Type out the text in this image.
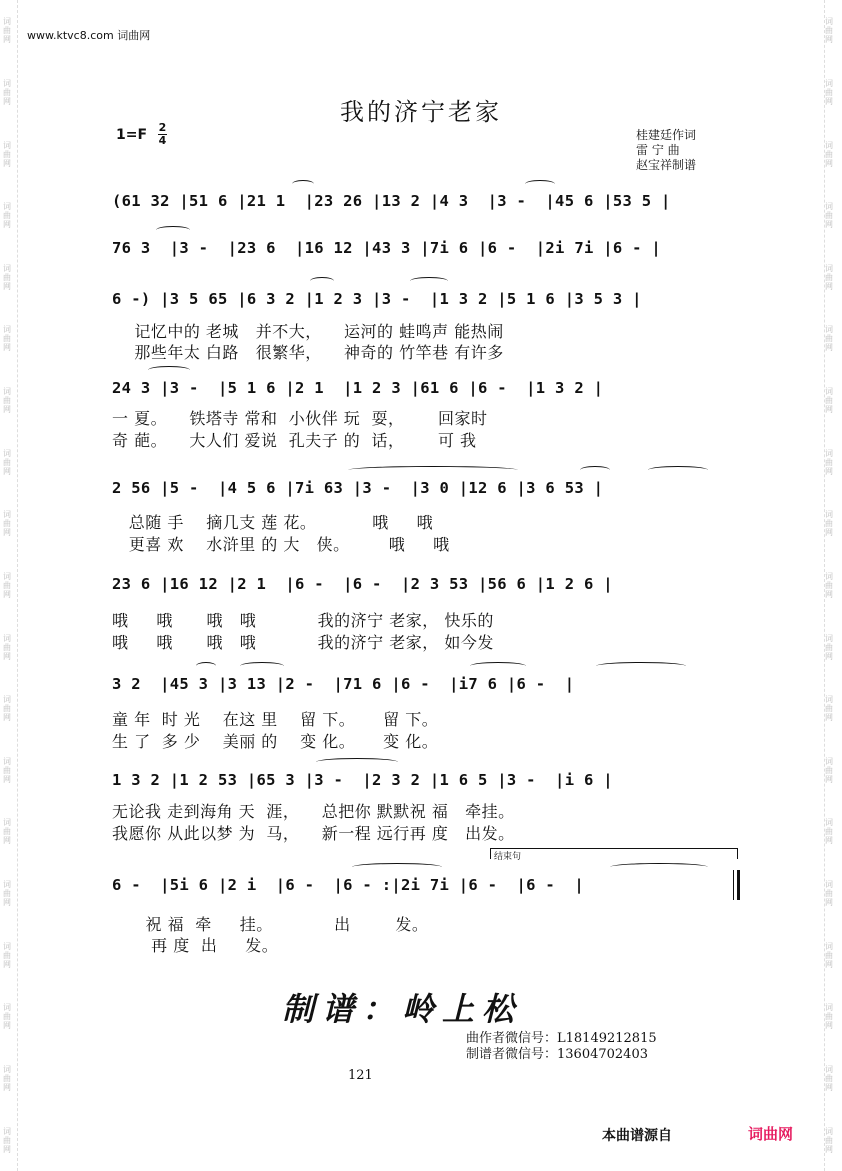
词曲网
词曲网
词曲网
词曲网
词曲网
词曲网
词曲网
词曲网
词曲网
词曲网
词曲网
词曲网
词曲网
词曲网
词曲网
词曲网
词曲网
词曲网
词曲网
词曲网
词曲网
词曲网
词曲网
词曲网
词曲网
词曲网
词曲网
词曲网
词曲网
词曲网
词曲网
词曲网
词曲网
词曲网
词曲网
词曲网
词曲网
词曲网
www.ktvc8.com 词曲网
我的济宁老家
1=F 2
4	桂建廷作词
雷 宁 曲
赵宝祥制谱
(61 32 |51 6 |21 1  |23 26 |13 2 |4 3  |3 -  |45 6 |53 5 |
76 3  |3 -  |23 6  |16 12 |43 3 |7i 6 |6 -  |2i 7i |6 - |
6 -) |3 5 65 |6 3 2 |1 2 3 |3 -  |1 3 2 |5 1 6 |3 5 3 |
记忆中的 老城   并不大，    运河的 蛙鸣声 能热闹
那些年太 白路   很繁华，    神奇的 竹竿巷 有许多
24 3 |3 -  |5 1 6 |2 1  |1 2 3 |61 6 |6 -  |1 3 2 |
一 夏。    铁塔寺 常和  小伙伴 玩  耍，      回家时
奇 葩。    大人们 爱说  孔夫子 的  话，      可 我
2 56 |5 -  |4 5 6 |7i 63 |3 -  |3 0 |12 6 |3 6 53 |
总随 手    摘几支 莲 花。          哦     哦
更喜 欢    水浒里 的 大   侠。       哦     哦
23 6 |16 12 |2 1  |6 -  |6 -  |2 3 53 |56 6 |1 2 6 |
哦     哦      哦   哦           我的济宁 老家， 快乐的
哦     哦      哦   哦           我的济宁 老家， 如今发
3 2  |45 3 |3 13 |2 -  |71 6 |6 -  |i7 6 |6 -  |
童 年  时 光    在这 里    留 下。     留 下。
生 了  多 少    美丽 的    变 化。     变 化。
1 3 2 |1 2 53 |65 3 |3 -  |2 3 2 |1 6 5 |3 -  |i 6 |
无论我 走到海角 天  涯，    总把你 默默祝 福   牵挂。
我愿你 从此以梦 为  马，    新一程 远行再 度   出发。
结束句
6 -  |5i 6 |2 i  |6 -  |6 - :|2i 7i |6 -  |6 -  |
祝 福  牵     挂。           出        发。
再 度  出     发。
制谱：岭上松
曲作者微信号：L18149212815
制谱者微信号：13604702403
121
本曲谱源自	词曲网
